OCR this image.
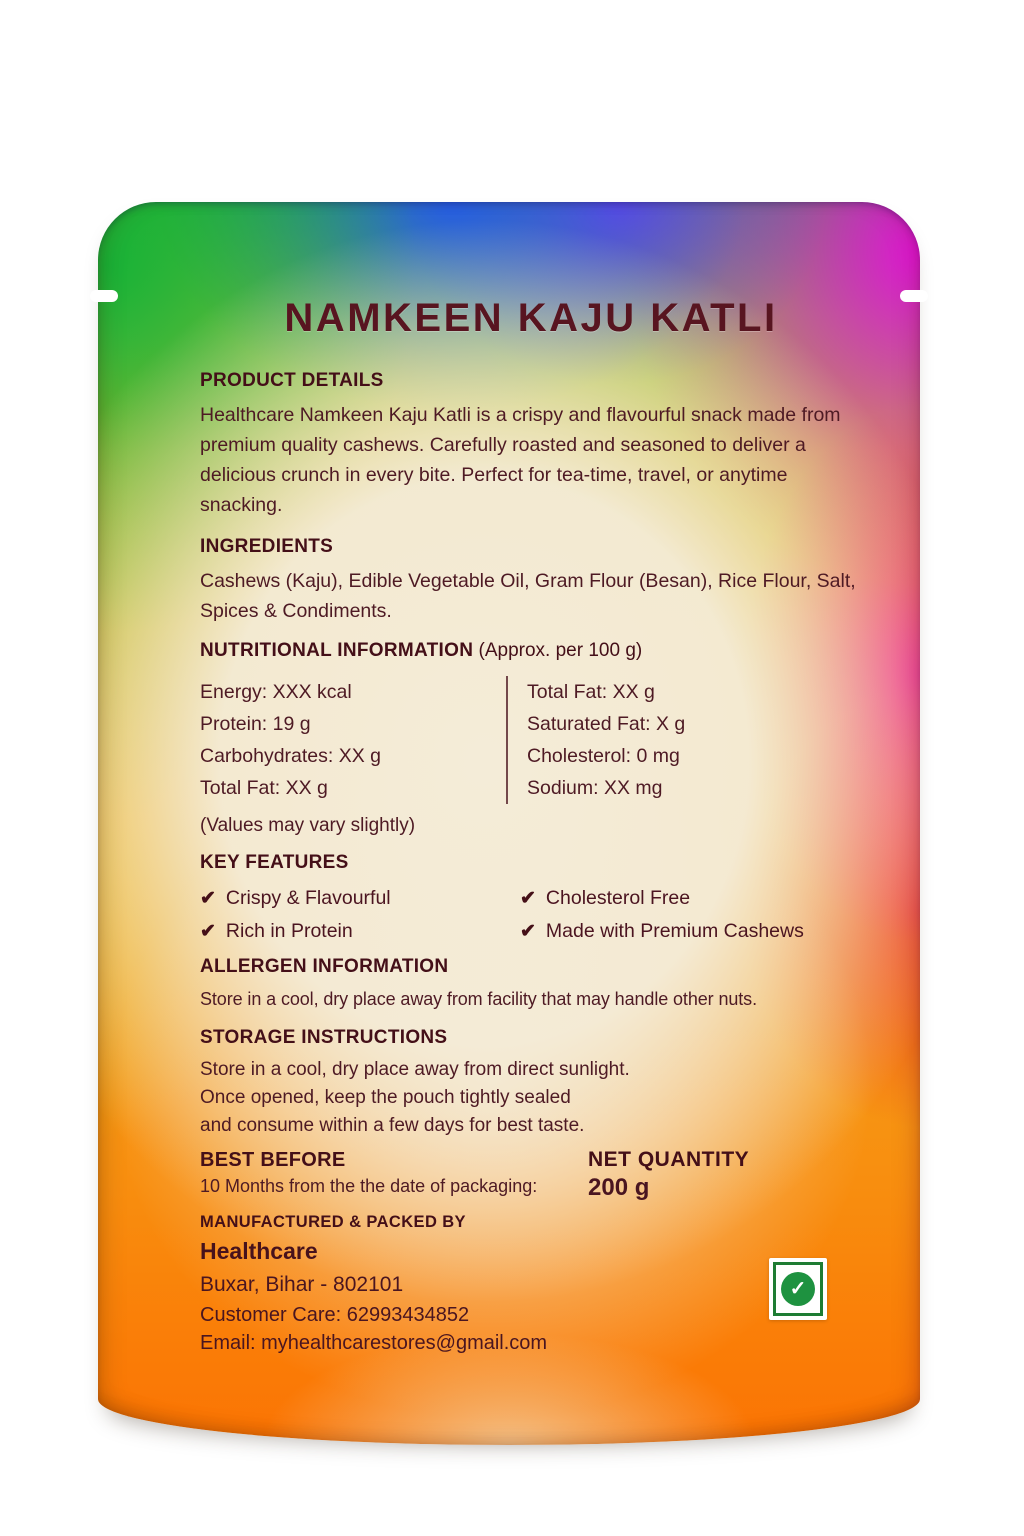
NAMKEEN KAJU KATLI
PRODUCT DETAILS

Healthcare Namkeen Kaju Katli is a crispy and flavourful snack made from premium quality cashews. Carefully roasted and seasoned to deliver a delicious crunch in every bite. Perfect for tea-time, travel, or anytime snacking.

INGREDIENTS

Cashews (Kaju), Edible Vegetable Oil, Gram Flour (Besan), Rice Flour, Salt, Spices & Condiments.

NUTRITIONAL INFORMATION (Approx. per 100 g)
Energy: XXX kcal
Protein: 19 g
Carbohydrates: XX g
Total Fat: XX g
Total Fat: XX g
Saturated Fat: X g
Cholesterol: 0 mg
Sodium: XX mg
(Values may vary slightly)
KEY FEATURES
✔ Crispy & Flavourful	✔ Cholesterol Free
✔ Rich in Protein	✔ Made with Premium Cashews
ALLERGEN INFORMATION
Store in a cool, dry place away from facility that may handle other nuts.
STORAGE INSTRUCTIONS
Store in a cool, dry place away from direct sunlight.
Once opened, keep the pouch tightly sealed
and consume within a few days for best taste.
BEST BEFORE
10 Months from the the date of packaging:
NET QUANTITY
200 g
MANUFACTURED & PACKED BY
Healthcare
Buxar, Bihar - 802101
Customer Care: 62993434852
Email: myhealthcarestores@gmail.com
✓
